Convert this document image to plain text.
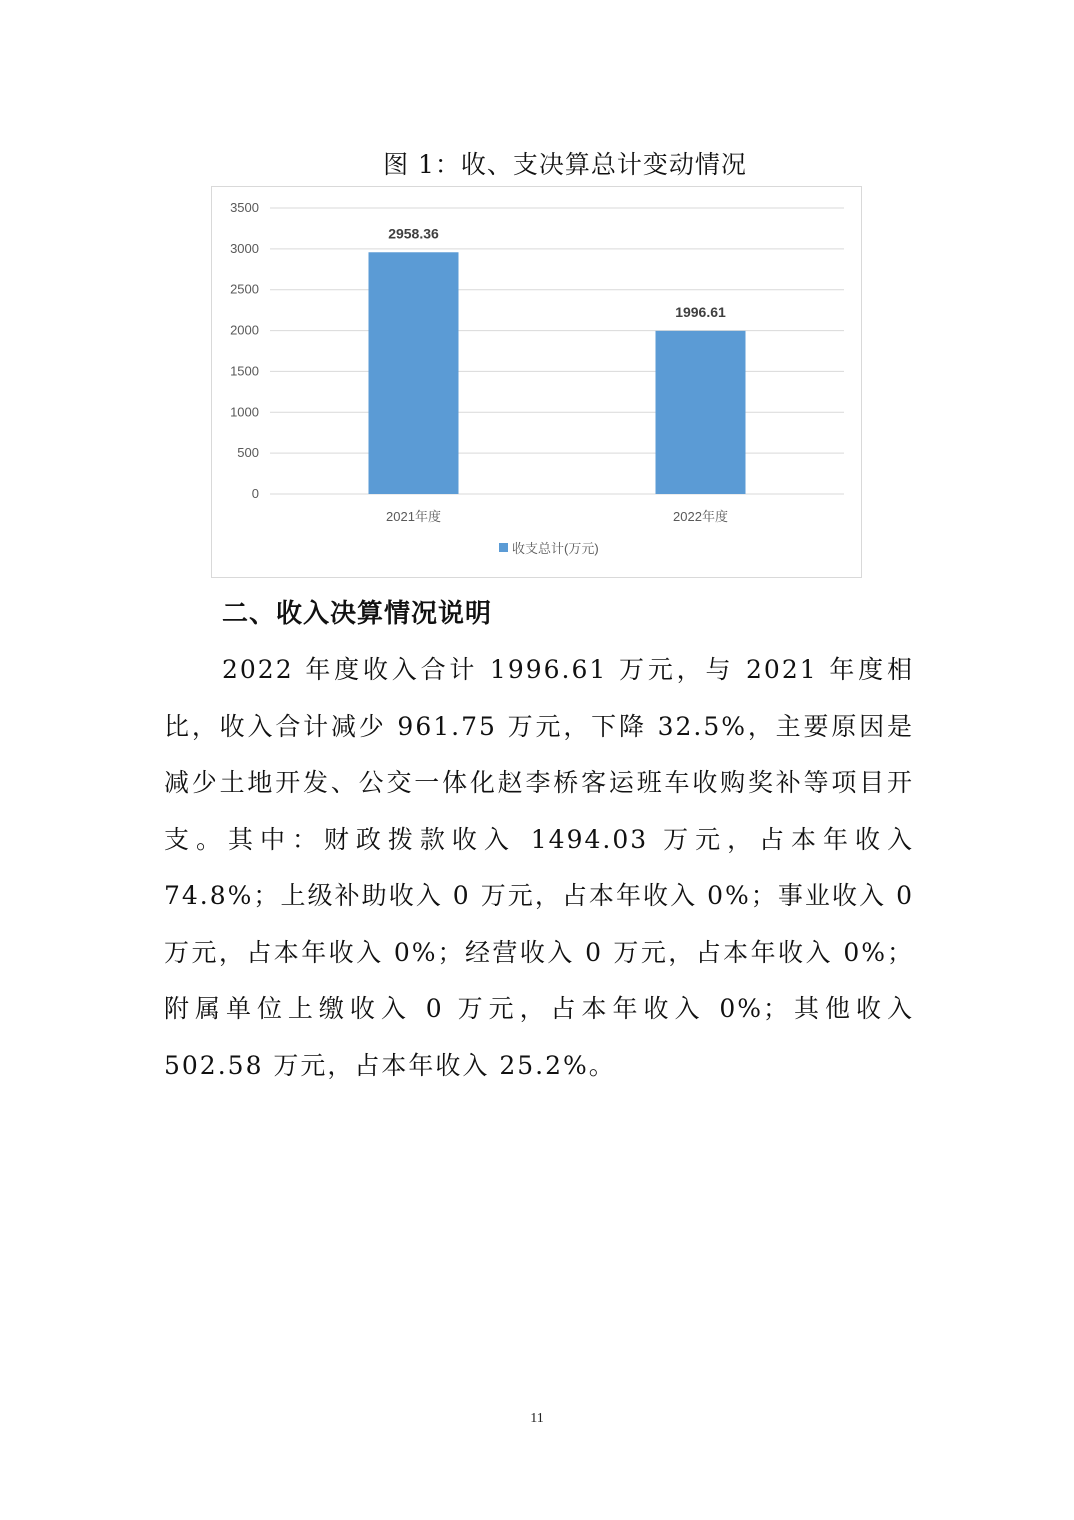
图 1：收、支决算总计变动情况
0
500
1000
1500
2000
2500
3000
3500
2958.36
2021年度
1996.61
2022年度
收支总计(万元)
二、收入决算情况说明

2022 年度收入合计 1996.61 万元，与 2021 年度相比，收入合计减少 961.75 万元，下降 32.5%，主要原因是减少土地开发、公交一体化赵李桥客运班车收购奖补等项目开支。其中：财政拨款收入 1494.03 万元，占本年收入 74.8%；上级补助收入 0 万元，占本年收入 0%；事业收入 0 万元，占本年收入 0%；经营收入 0 万元，占本年收入 0%；附属单位上缴收入 0 万元，占本年收入 0%；其他收入 502.58 万元，占本年收入 25.2%。

11
